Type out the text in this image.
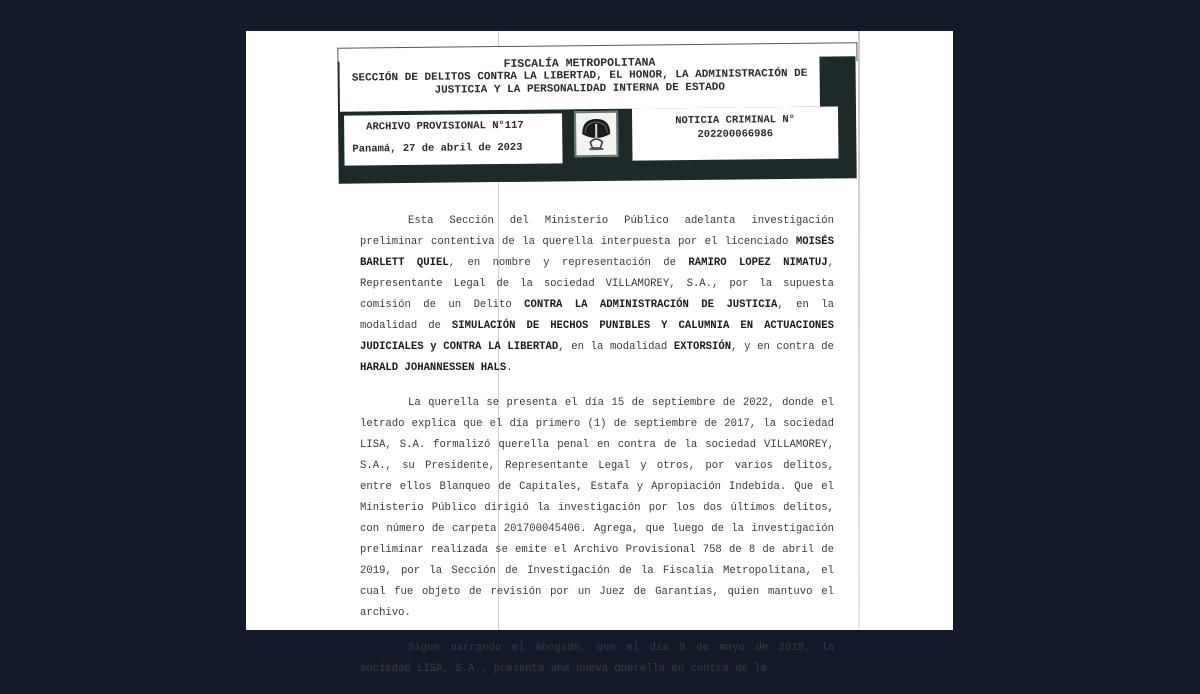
FISCALÍA METROPOLITANA
SECCIÓN DE DELITOS CONTRA LA LIBERTAD, EL HONOR, LA ADMINISTRACIÓN DE
JUSTICIA Y LA PERSONALIDAD INTERNA DE ESTADO
ARCHIVO PROVISIONAL N°117
Panamá, 27 de abril de 2023
NOTICIA CRIMINAL N°
202200066986

Esta Sección del Ministerio Público adelanta investigación preliminar contentiva de la querella interpuesta por el licenciado MOISÉS BARLETT QUIEL, en nombre y representación de RAMIRO LOPEZ NIMATUJ, Representante Legal de la sociedad VILLAMOREY, S.A., por la supuesta comisión de un Delito CONTRA LA ADMINISTRACIÓN DE JUSTICIA, en la modalidad de SIMULACIÓN DE HECHOS PUNIBLES Y CALUMNIA EN ACTUACIONES JUDICIALES y CONTRA LA LIBERTAD, en la modalidad EXTORSIÓN, y en contra de HARALD JOHANNESSEN HALS.

La querella se presenta el día 15 de septiembre de 2022, donde el letrado explica que el día primero (1) de septiembre de 2017, la sociedad LISA, S.A. formalizó querella penal en contra de la sociedad VILLAMOREY, S.A., su Presidente, Representante Legal y otros, por varios delitos, entre ellos Blanqueo de Capitales, Estafa y Apropiación Indebida. Que el Ministerio Público dirigió la investigación por los dos últimos delitos, con número de carpeta 201700045406. Agrega, que luego de la investigación preliminar realizada se emite el Archivo Provisional 758 de 8 de abril de 2019, por la Sección de Investigación de la Fiscalia Metropolitana, el cual fue objeto de revisión por un Juez de Garantías, quien mantuvo el archivo.

Sigue narrando el abogado, que el día 9 de mayo de 2018, la sociedad LISA, S.A., presenta una nueva querella en contra de la
